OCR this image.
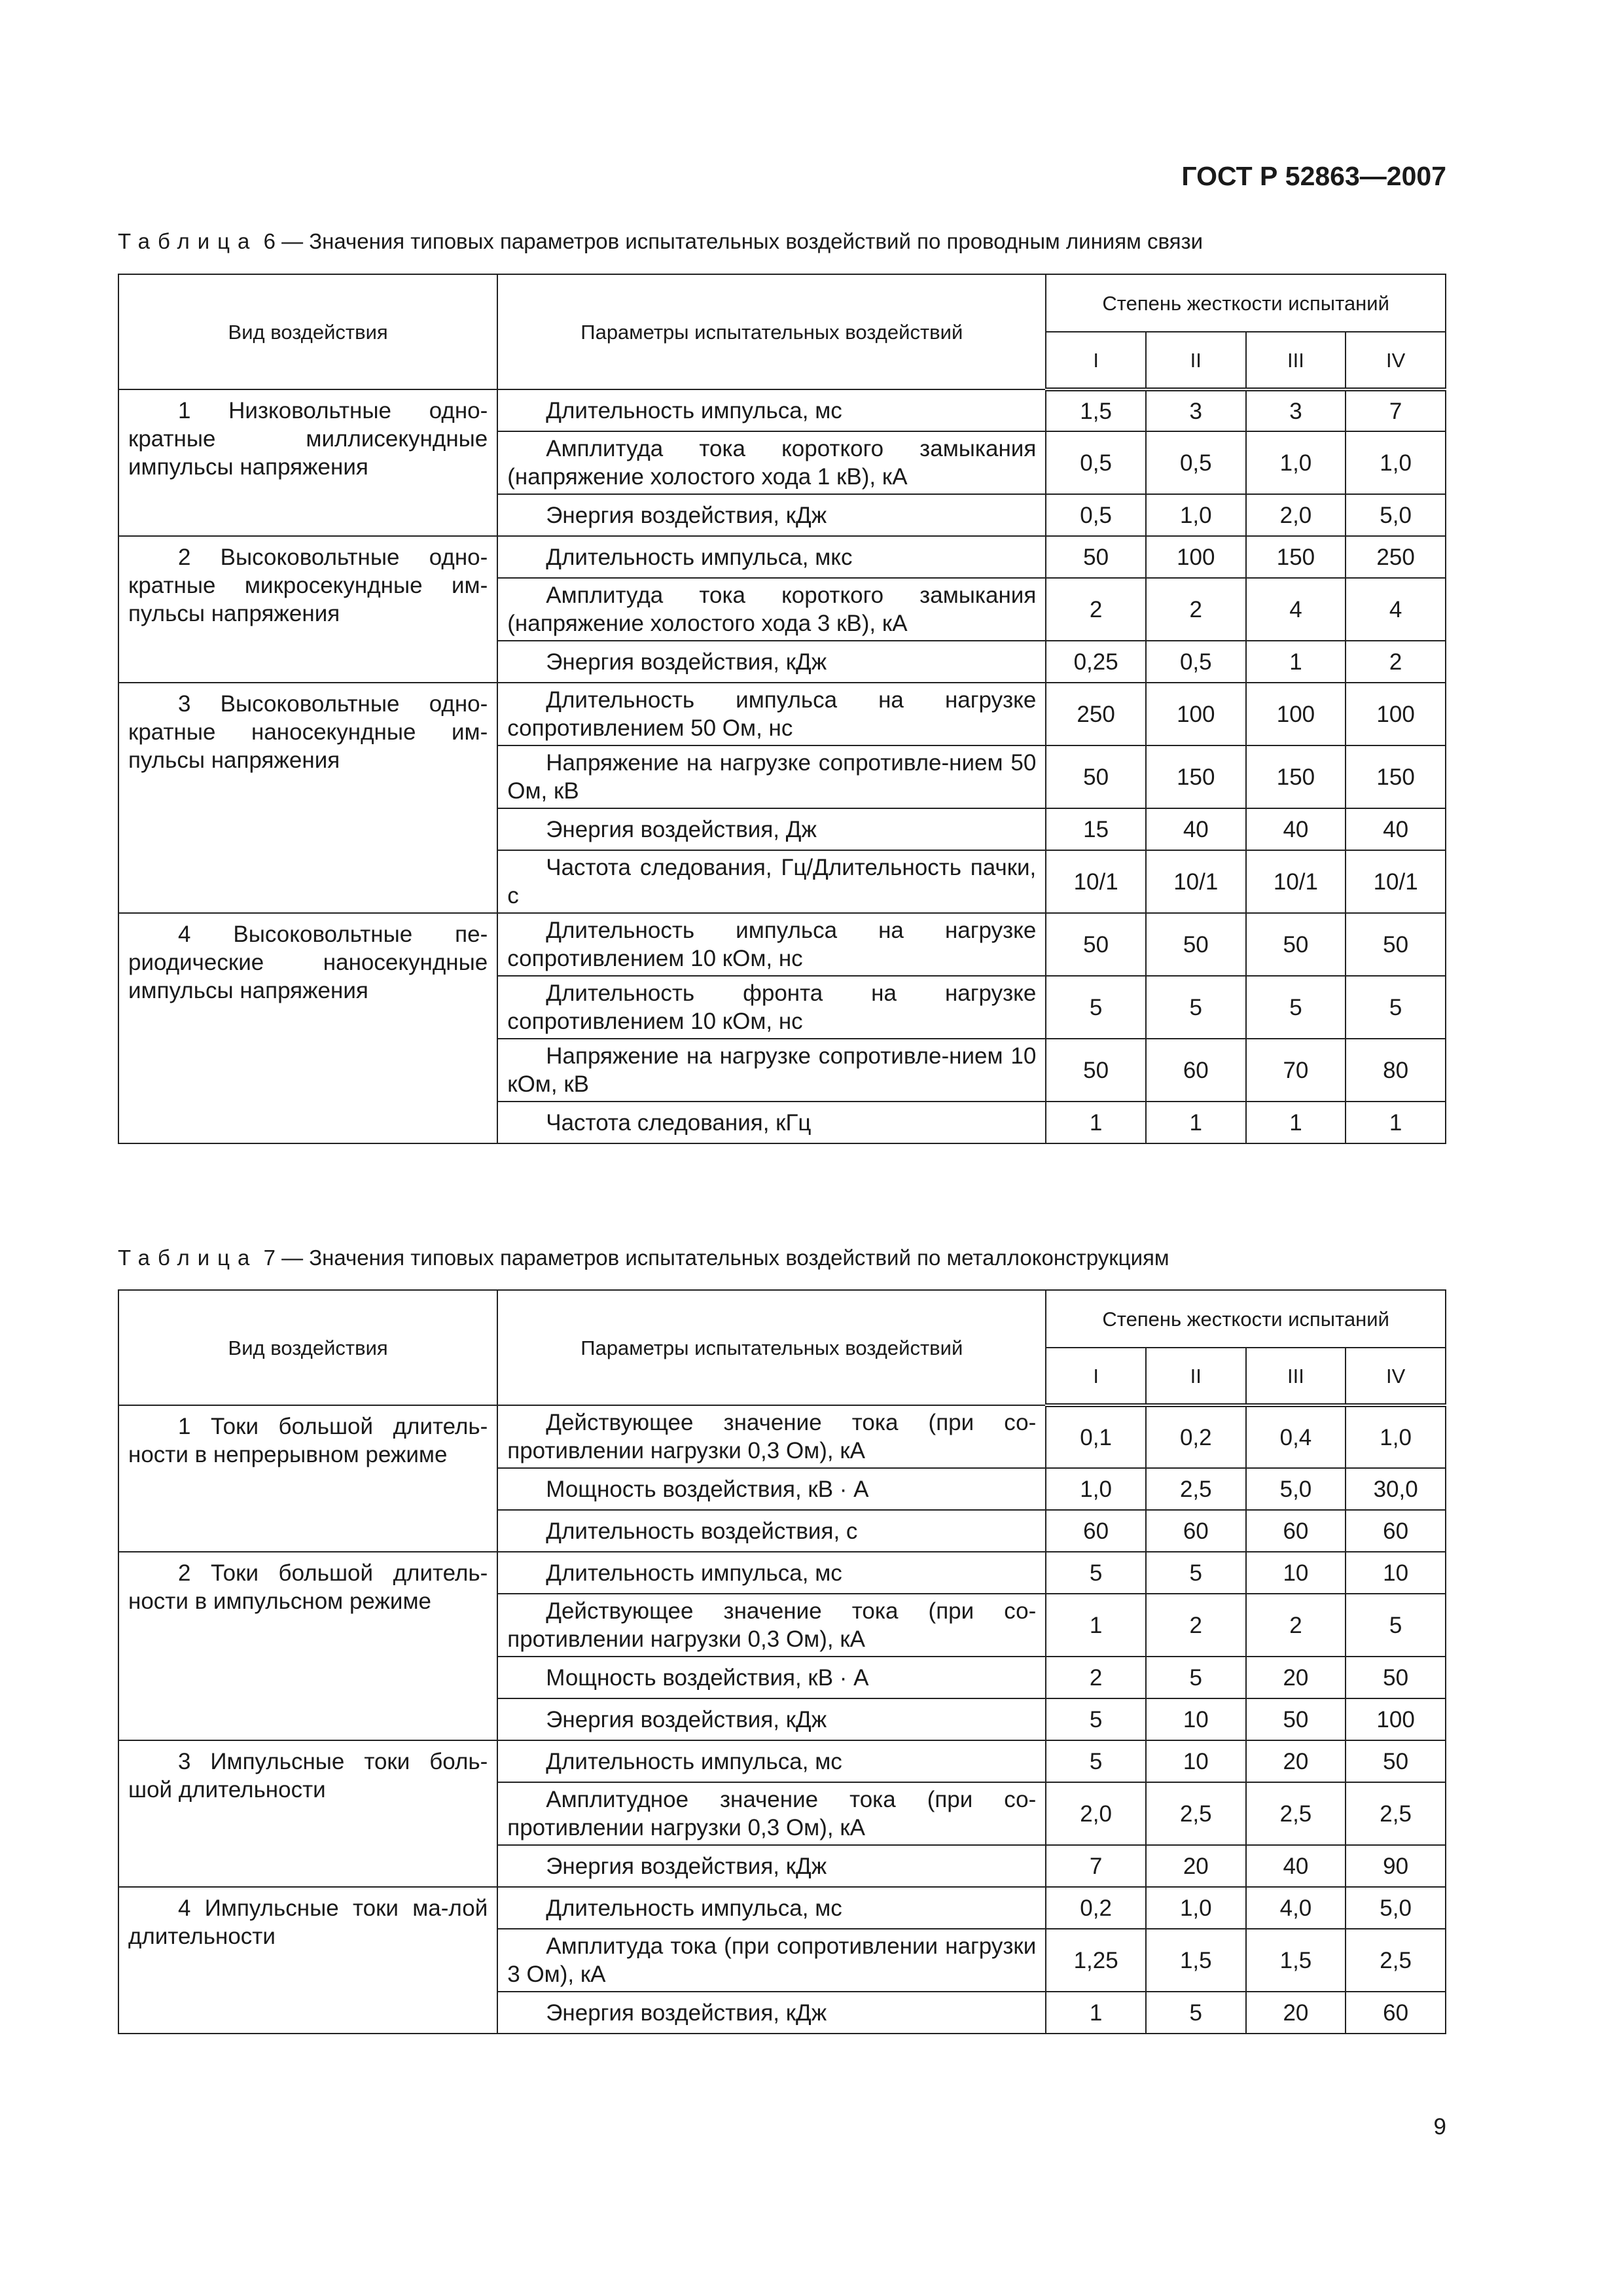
ГОСТ Р 52863—2007
Таблица 6 — Значения типовых параметров испытательных воздействий по проводным линиям связи
Вид воздействия	Параметры испытательных воздействий	Степень жесткости испытаний			
		I	II	III	IV
1 Низковольтные одно-кратные миллисекундные импульсы напряжения	Длительность импульса, мс	1,5	3	3	7
	Амплитуда тока короткого замыкания (напряжение холостого хода 1 кВ), кА	0,5	0,5	1,0	1,0
	Энергия воздействия, кДж	0,5	1,0	2,0	5,0
2 Высоковольтные одно-кратные микросекундные им-пульсы напряжения	Длительность импульса, мкс	50	100	150	250
	Амплитуда тока короткого замыкания (напряжение холостого хода 3 кВ), кА	2	2	4	4
	Энергия воздействия, кДж	0,25	0,5	1	2
3 Высоковольтные одно-кратные наносекундные им-пульсы напряжения	Длительность импульса на нагрузке сопротивлением 50 Ом, нс	250	100	100	100
	Напряжение на нагрузке сопротивле-нием 50 Ом, кВ	50	150	150	150
	Энергия воздействия, Дж	15	40	40	40
	Частота следования, Гц/Длительность пачки, с	10/1	10/1	10/1	10/1
4 Высоковольтные пе-риодические наносекундные импульсы напряжения	Длительность импульса на нагрузке сопротивлением 10 кОм, нс	50	50	50	50
	Длительность фронта на нагрузке сопротивлением 10 кОм, нс	5	5	5	5
	Напряжение на нагрузке сопротивле-нием 10 кОм, кВ	50	60	70	80
	Частота следования, кГц	1	1	1	1
Таблица 7 — Значения типовых параметров испытательных воздействий по металлоконструкциям
Вид воздействия	Параметры испытательных воздействий	Степень жесткости испытаний			
		I	II	III	IV
1 Токи большой длитель-ности в непрерывном режиме	Действующее значение тока (при со-противлении нагрузки 0,3 Ом), кА	0,1	0,2	0,4	1,0
	Мощность воздействия, кВ · А	1,0	2,5	5,0	30,0
	Длительность воздействия, с	60	60	60	60
2 Токи большой длитель-ности в импульсном режиме	Длительность импульса, мс	5	5	10	10
	Действующее значение тока (при со-противлении нагрузки 0,3 Ом), кА	1	2	2	5
	Мощность воздействия, кВ · А	2	5	20	50
	Энергия воздействия, кДж	5	10	50	100
3 Импульсные токи боль-шой длительности	Длительность импульса, мс	5	10	20	50
	Амплитудное значение тока (при со-противлении нагрузки 0,3 Ом), кА	2,0	2,5	2,5	2,5
	Энергия воздействия, кДж	7	20	40	90
4 Импульсные токи ма-лой длительности	Длительность импульса, мс	0,2	1,0	4,0	5,0
	Амплитуда тока (при сопротивлении нагрузки 3 Ом), кА	1,25	1,5	1,5	2,5
	Энергия воздействия, кДж	1	5	20	60
9
